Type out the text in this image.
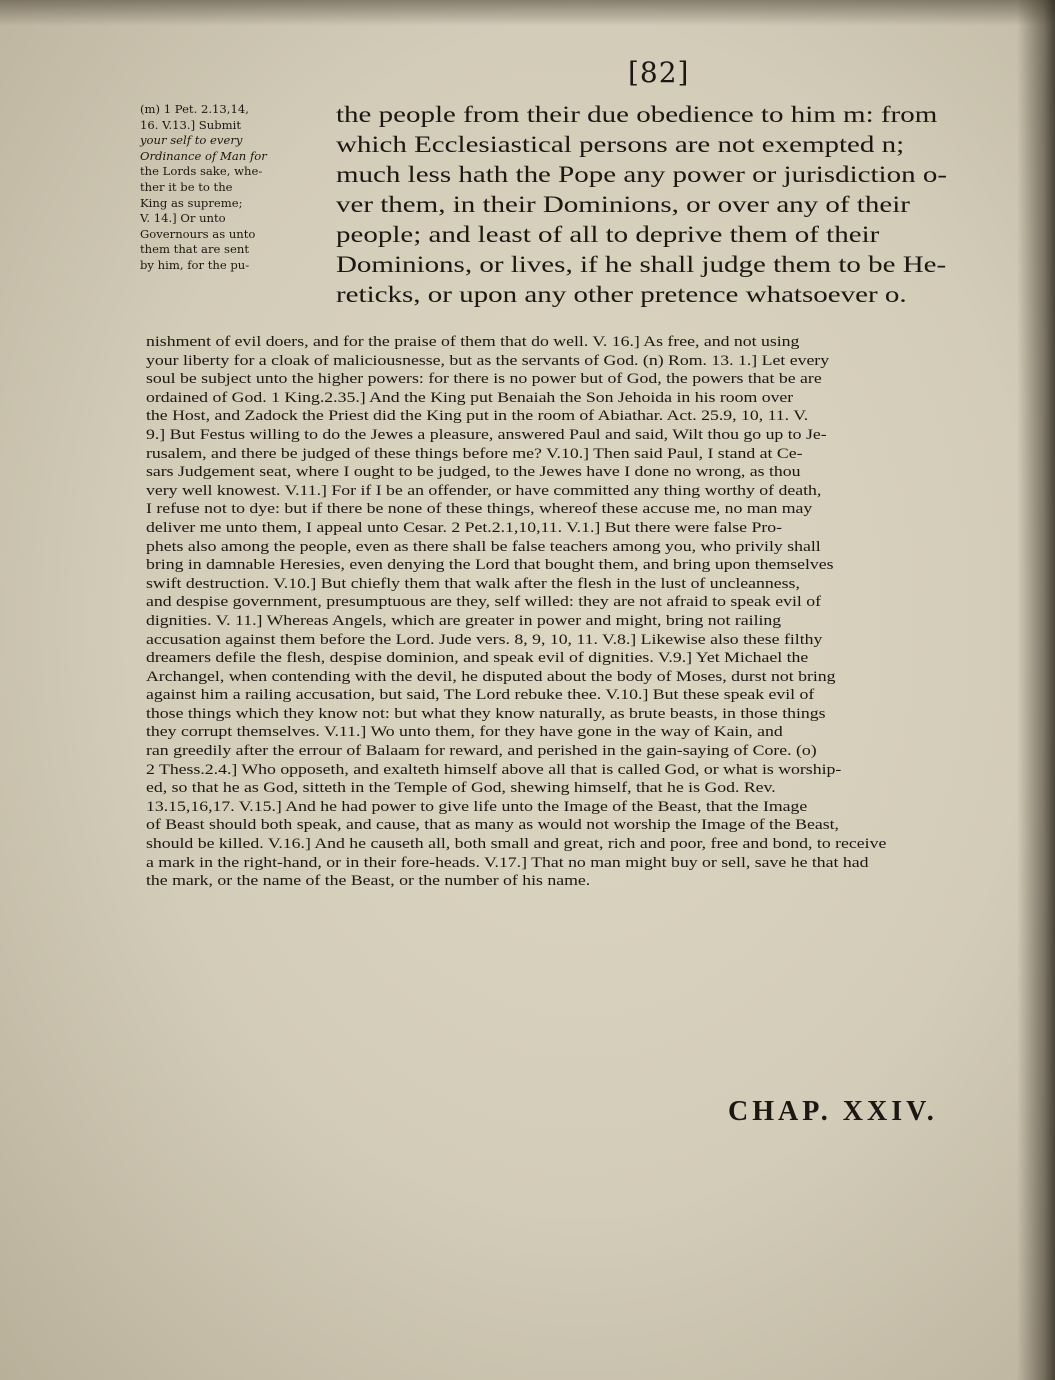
[82]
(m) 1 Pet. 2.13,14,
16. V.13.] Submit
your self to every
Ordinance of Man for
the Lords sake, whe-
ther it be to the
King as supreme;
V. 14.] Or unto
Governours as unto
them that are sent
by him, for the pu-
the people from their due obedience to him m: from
which Ecclesiastical persons are not exempted n;
much less hath the Pope any power or jurisdiction o-
ver them, in their Dominions, or over any of their
people; and least of all to deprive them of their
Dominions, or lives, if he shall judge them to be He-
reticks, or upon any other pretence whatsoever o.
nishment of evil doers, and for the praise of them that do well. V. 16.] As free, and not using
your liberty for a cloak of maliciousnesse, but as the servants of God. (n) Rom. 13. 1.] Let every
soul be subject unto the higher powers: for there is no power but of God, the powers that be are
ordained of God. 1 King.2.35.] And the King put Benaiah the Son Jehoida in his room over
the Host, and Zadock the Priest did the King put in the room of Abiathar. Act. 25.9, 10, 11. V.
9.] But Festus willing to do the Jewes a pleasure, answered Paul and said, Wilt thou go up to Je-
rusalem, and there be judged of these things before me? V.10.] Then said Paul, I stand at Ce-
sars Judgement seat, where I ought to be judged, to the Jewes have I done no wrong, as thou
very well knowest. V.11.] For if I be an offender, or have committed any thing worthy of death,
I refuse not to dye: but if there be none of these things, whereof these accuse me, no man may
deliver me unto them, I appeal unto Cesar. 2 Pet.2.1,10,11. V.1.] But there were false Pro-
phets also among the people, even as there shall be false teachers among you, who privily shall
bring in damnable Heresies, even denying the Lord that bought them, and bring upon themselves
swift destruction. V.10.] But chiefly them that walk after the flesh in the lust of uncleanness,
and despise government, presumptuous are they, self willed: they are not afraid to speak evil of
dignities. V. 11.] Whereas Angels, which are greater in power and might, bring not railing
accusation against them before the Lord. Jude vers. 8, 9, 10, 11. V.8.] Likewise also these filthy
dreamers defile the flesh, despise dominion, and speak evil of dignities. V.9.] Yet Michael the
Archangel, when contending with the devil, he disputed about the body of Moses, durst not bring
against him a railing accusation, but said, The Lord rebuke thee. V.10.] But these speak evil of
those things which they know not: but what they know naturally, as brute beasts, in those things
they corrupt themselves. V.11.] Wo unto them, for they have gone in the way of Kain, and
ran greedily after the errour of Balaam for reward, and perished in the gain-saying of Core. (o)
2 Thess.2.4.] Who opposeth, and exalteth himself above all that is called God, or what is worship-
ed, so that he as God, sitteth in the Temple of God, shewing himself, that he is God. Rev.
13.15,16,17. V.15.] And he had power to give life unto the Image of the Beast, that the Image
of Beast should both speak, and cause, that as many as would not worship the Image of the Beast,
should be killed. V.16.] And he causeth all, both small and great, rich and poor, free and bond, to receive
a mark in the right-hand, or in their fore-heads. V.17.] That no man might buy or sell, save he that had
the mark, or the name of the Beast, or the number of his name.
CHAP. XXIV.
